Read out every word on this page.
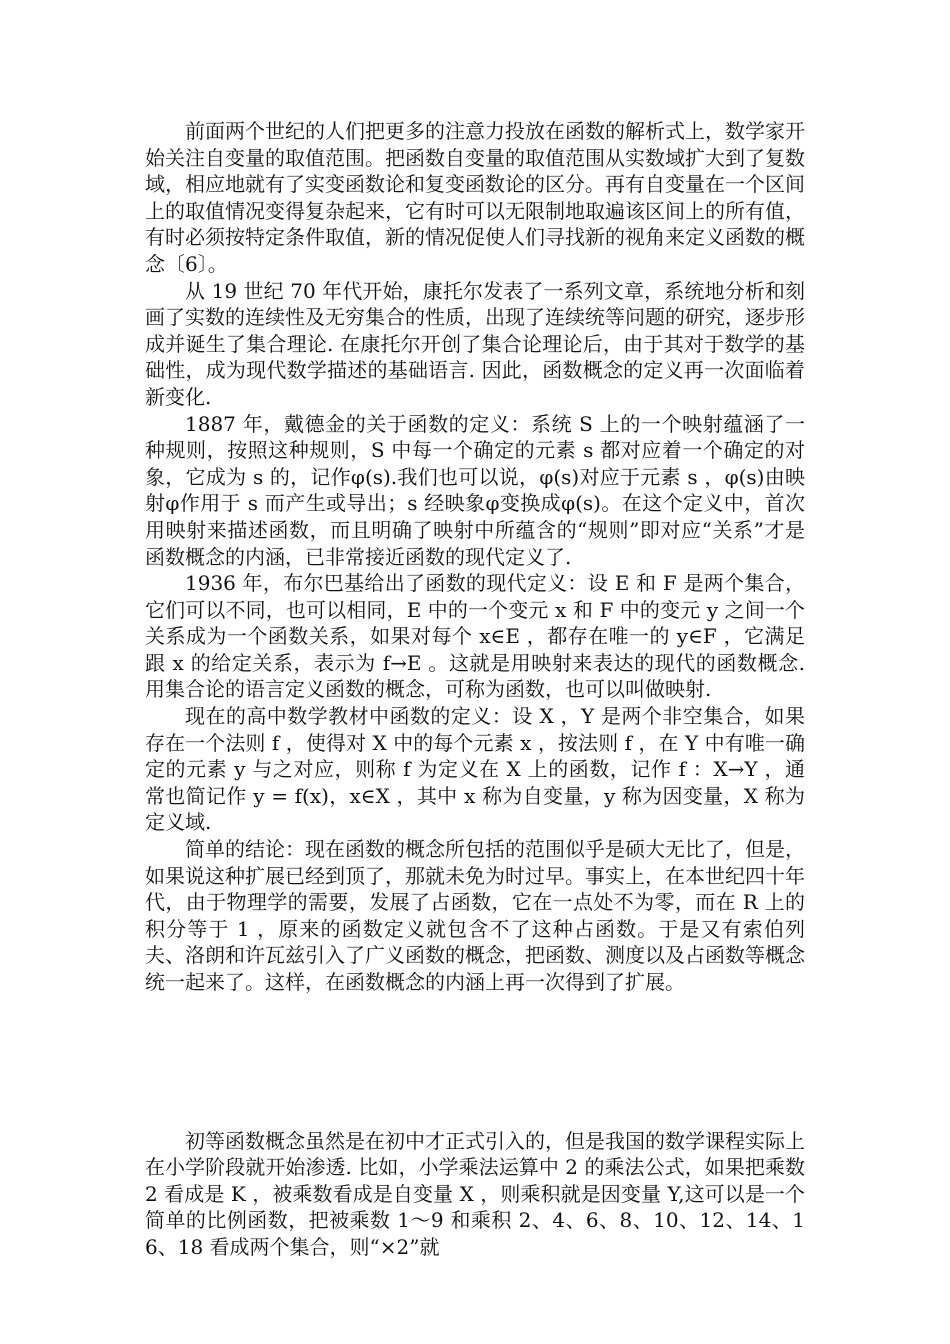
前面两个世纪的人们把更多的注意力投放在函数的解析式上，数学家开始关注自变量的取值范围。把函数自变量的取值范围从实数域扩大到了复数域，相应地就有了实变函数论和复变函数论的区分。再有自变量在一个区间上的取值情况变得复杂起来，它有时可以无限制地取遍该区间上的所有值，有时必须按特定条件取值，新的情况促使人们寻找新的视角来定义函数的概念〔6〕。

从 19 世纪 70 年代开始，康托尔发表了一系列文章，系统地分析和刻画了实数的连续性及无穷集合的性质，出现了连续统等问题的研究，逐步形成并诞生了集合理论. 在康托尔开创了集合论理论后，由于其对于数学的基础性，成为现代数学描述的基础语言. 因此，函数概念的定义再一次面临着新变化.

1887 年，戴德金的关于函数的定义：系统 S 上的一个映射蕴涵了一种规则，按照这种规则，S 中每一个确定的元素 s 都对应着一个确定的对象，它成为 s 的，记作φ(s).我们也可以说，φ(s)对应于元素 s ，φ(s)由映射φ作用于 s 而产生或导出；s 经映象φ变换成φ(s)。在这个定义中，首次用映射来描述函数，而且明确了映射中所蕴含的“规则”即对应“关系”才是函数概念的内涵，已非常接近函数的现代定义了.

1936 年，布尔巴基给出了函数的现代定义：设 E 和 F 是两个集合，它们可以不同，也可以相同，E 中的一个变元 x 和 F 中的变元 y 之间一个关系成为一个函数关系，如果对每个 x∈E ，都存在唯一的 y∈F ，它满足跟 x 的给定关系，表示为 f→E 。这就是用映射来表达的现代的函数概念.用集合论的语言定义函数的概念，可称为函数，也可以叫做映射.

现在的高中数学教材中函数的定义：设 X ，Y 是两个非空集合，如果存在一个法则 f ，使得对 X 中的每个元素 x ，按法则 f ，在 Y 中有唯一确定的元素 y 与之对应，则称 f 为定义在 X 上的函数，记作 f ：X→Y ，通常也简记作 y = f(x)，x∈X ，其中 x 称为自变量，y 称为因变量，X 称为定义域.

简单的结论：现在函数的概念所包括的范围似乎是硕大无比了，但是，如果说这种扩展已经到顶了，那就未免为时过早。事实上，在本世纪四十年代，由于物理学的需要，发展了占函数，它在一点处不为零，而在 R 上的积分等于 1 ，原来的函数定义就包含不了这种占函数。于是又有索伯列夫、洛朗和许瓦兹引入了广义函数的概念，把函数、测度以及占函数等概念统一起来了。这样，在函数概念的内涵上再一次得到了扩展。

初等函数概念虽然是在初中才正式引入的，但是我国的数学课程实际上在小学阶段就开始渗透. 比如，小学乘法运算中 2 的乘法公式，如果把乘数 2 看成是 K ，被乘数看成是自变量 X ，则乘积就是因变量 Y,这可以是一个简单的比例函数，把被乘数 1～9 和乘积 2、4、6、8、10、12、14、16、18 看成两个集合，则“×2”就
